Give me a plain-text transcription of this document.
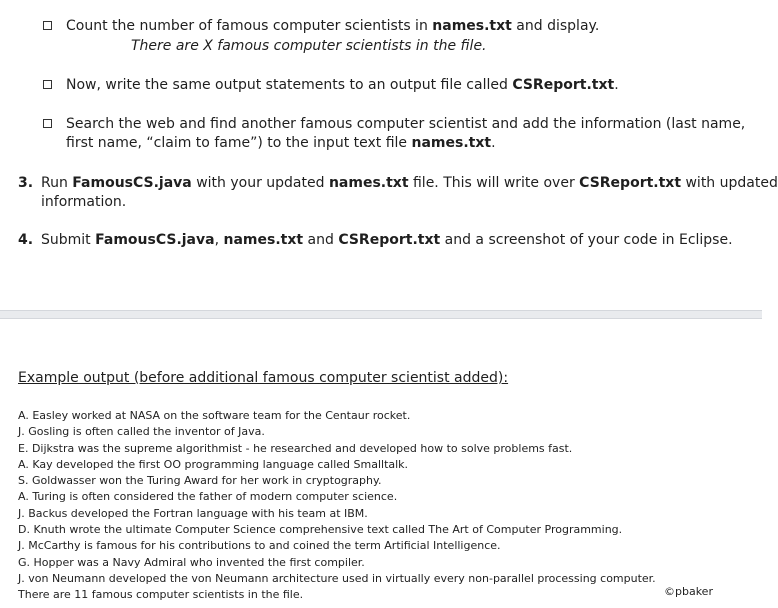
Count the number of famous computer scientists in names.txt and display.
There are X famous computer scientists in the file.
Now, write the same output statements to an output file called CSReport.txt.
Search the web and find another famous computer scientist and add the information (last name,
first name, “claim to fame”) to the input text file names.txt.
3. Run FamousCS.java with your updated names.txt file. This will write over CSReport.txt with updated
information.
4. Submit FamousCS.java, names.txt and CSReport.txt and a screenshot of your code in Eclipse.
Example output (before additional famous computer scientist added):
A. Easley worked at NASA on the software team for the Centaur rocket.
J. Gosling is often called the inventor of Java.
E. Dijkstra was the supreme algorithmist - he researched and developed how to solve problems fast.
A. Kay developed the first OO programming language called Smalltalk.
S. Goldwasser won the Turing Award for her work in cryptography.
A. Turing is often considered the father of modern computer science.
J. Backus developed the Fortran language with his team at IBM.
D. Knuth wrote the ultimate Computer Science comprehensive text called The Art of Computer Programming.
J. McCarthy is famous for his contributions to and coined the term Artificial Intelligence.
G. Hopper was a Navy Admiral who invented the first compiler.
J. von Neumann developed the von Neumann architecture used in virtually every non-parallel processing computer.
There are 11 famous computer scientists in the file.	©pbaker
